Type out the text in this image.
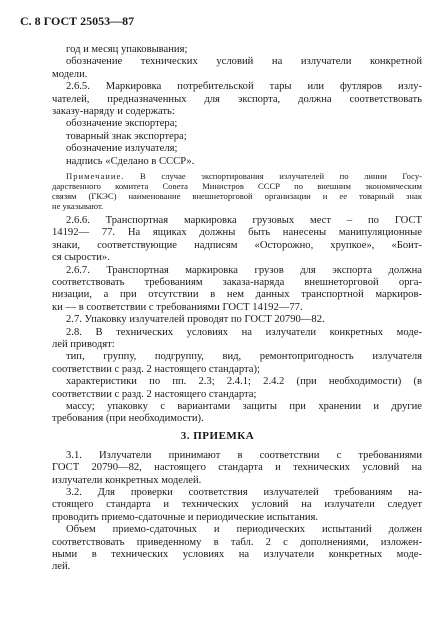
С. 8 ГОСТ 25053—87
год и месяц упаковывания;
обозначение технических условий на излучатели конкретной
модели.
2.6.5. Маркировка потребительской тары или футляров излу-
чателей, предназначенных для экспорта, должна соответствовать
заказу-наряду и содержать:
обозначение экспортера;
товарный знак экспортера;
обозначение излучателя;
надпись «Сделано в СССР».
Примечание. В случае экспортирования излучателей по линии Госу-
дарственного комитета Совета Министров СССР по внешним экономическим
связям (ГКЭС) наименование внешнеторговой организации и ее товарный знак
не указывают.
2.6.6. Транспортная маркировка грузовых мест – по ГОСТ
14192— 77. На ящиках должны быть нанесены манипуляционные
знаки, соответствующие надписям «Осторожно, хрупкое», «Боит-
ся сырости».
2.6.7. Транспортная маркировка грузов для экспорта должна
соответствовать требованиям заказа-наряда внешнеторговой орга-
низации, а при отсутствии в нем данных транспортной маркиров-
ки — в соответствии с требованиями ГОСТ 14192—77.
2.7. Упаковку излучателей проводят по ГОСТ 20790—82.
2.8. В технических условиях на излучатели конкретных моде-
лей приводят:
тип, группу, подгруппу, вид, ремонтопригодность излучателя
3. ПРИЕМКА
соответствии с разд. 2 настоящего стандарта);
характеристики по пп. 2.3; 2.4.1; 2.4.2 (при необходимости) (в
соответствии с разд. 2 настоящего стандарта;
массу; упаковку с вариантами защиты при хранении и другие
требования (при необходимости).
3.1. Излучатели принимают в соответствии с требованиями
ГОСТ 20790—82, настоящего стандарта и технических условий на
излучатели конкретных моделей.
3.2. Для проверки соответствия излучателей требованиям на-
стоящего стандарта и технических условий на излучатели следует
проводить приемо-сдаточные и периодические испытания.
Объем приемо-сдаточных и периодических испытаний должен
соответствовать приведенному в табл. 2 с дополнениями, изложен-
ными в технических условиях на излучатели конкретных моде-
лей.
